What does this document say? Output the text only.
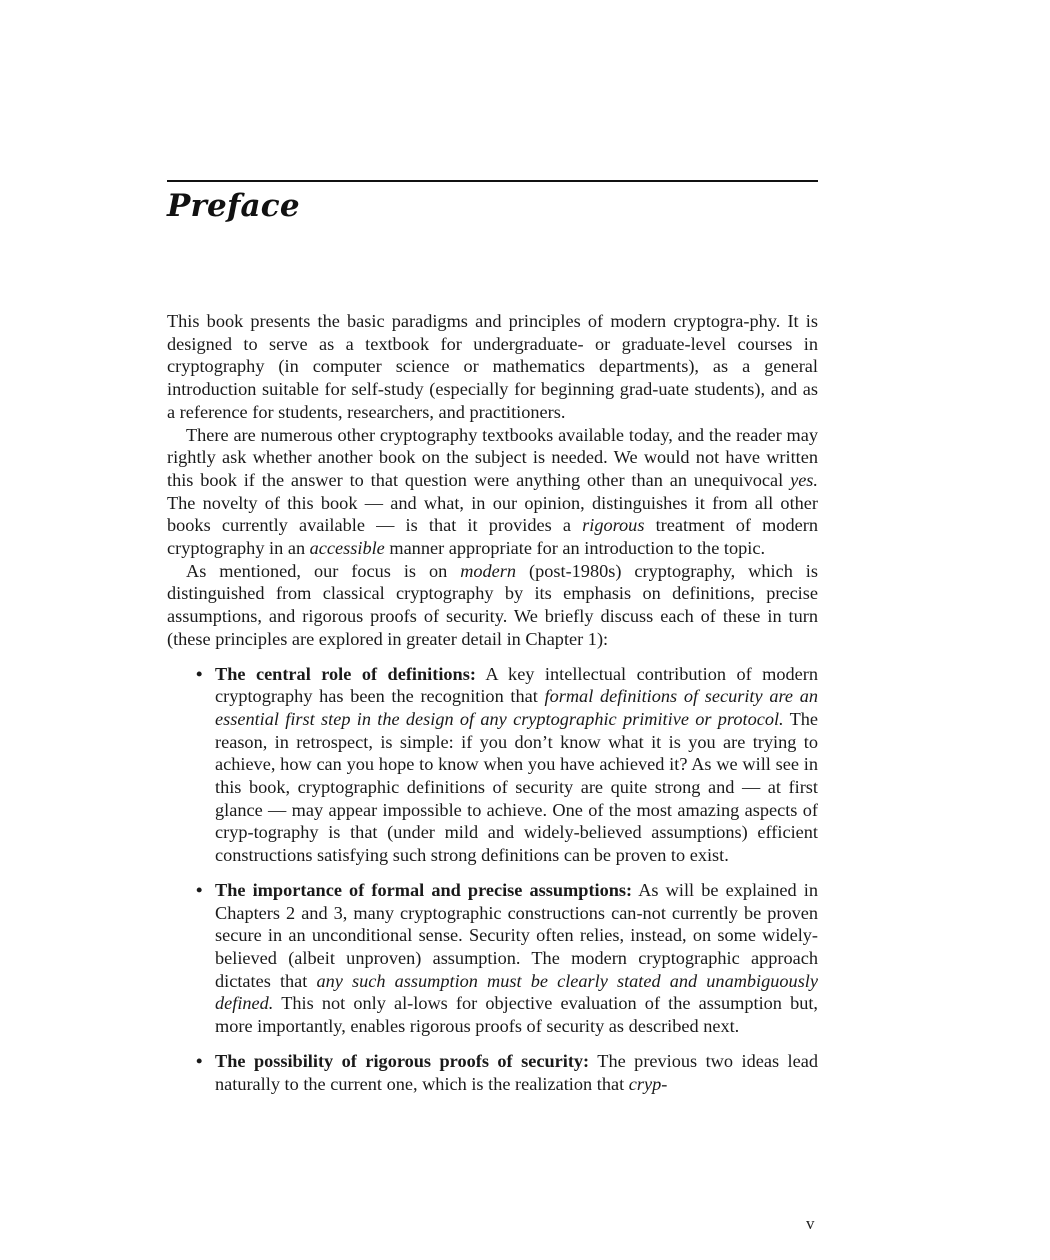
Preface

This book presents the basic paradigms and principles of modern cryptogra-phy. It is designed to serve as a textbook for undergraduate- or graduate-level courses in cryptography (in computer science or mathematics departments), as a general introduction suitable for self-study (especially for beginning grad-uate students), and as a reference for students, researchers, and practitioners.

There are numerous other cryptography textbooks available today, and the reader may rightly ask whether another book on the subject is needed. We would not have written this book if the answer to that question were anything other than an unequivocal yes. The novelty of this book — and what, in our opinion, distinguishes it from all other books currently available — is that it provides a rigorous treatment of modern cryptography in an accessible manner appropriate for an introduction to the topic.

As mentioned, our focus is on modern (post-1980s) cryptography, which is distinguished from classical cryptography by its emphasis on definitions, precise assumptions, and rigorous proofs of security. We briefly discuss each of these in turn (these principles are explored in greater detail in Chapter 1):

• The central role of definitions: A key intellectual contribution of modern cryptography has been the recognition that formal definitions of security are an essential first step in the design of any cryptographic primitive or protocol. The reason, in retrospect, is simple: if you don’t know what it is you are trying to achieve, how can you hope to know when you have achieved it? As we will see in this book, cryptographic definitions of security are quite strong and — at first glance — may appear impossible to achieve. One of the most amazing aspects of cryp-tography is that (under mild and widely-believed assumptions) efficient constructions satisfying such strong definitions can be proven to exist.
• The importance of formal and precise assumptions: As will be explained in Chapters 2 and 3, many cryptographic constructions can-not currently be proven secure in an unconditional sense. Security often relies, instead, on some widely-believed (albeit unproven) assumption. The modern cryptographic approach dictates that any such assumption must be clearly stated and unambiguously defined. This not only al-lows for objective evaluation of the assumption but, more importantly, enables rigorous proofs of security as described next.
• The possibility of rigorous proofs of security: The previous two ideas lead naturally to the current one, which is the realization that cryp-
v
